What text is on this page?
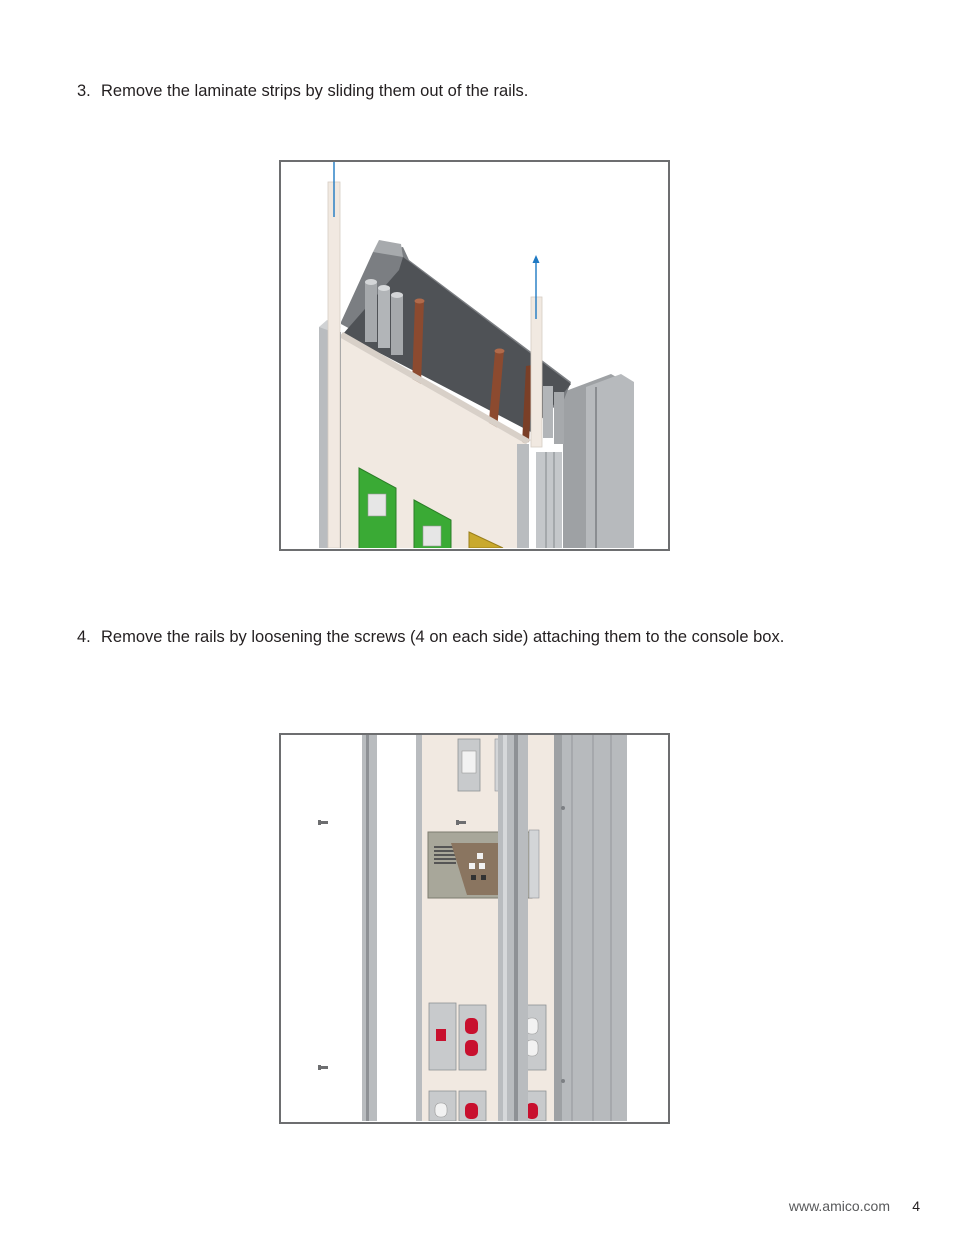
3. Remove the laminate strips by sliding them out of the rails.
4. Remove the rails by loosening the screws (4 on each side) attaching them to the console box.
www.amico.com 4
